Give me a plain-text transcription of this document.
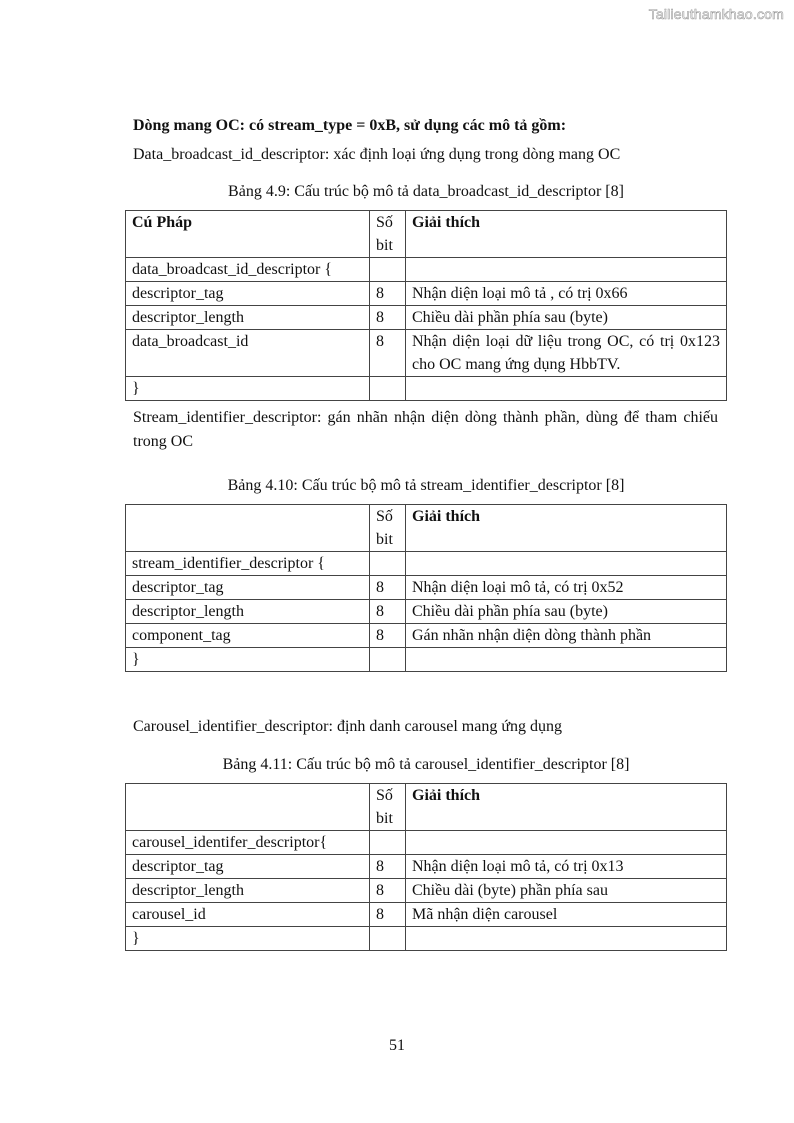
Tailieuthamkhao.com

Dòng mang OC: có stream_type = 0xB, sử dụng các mô tả gồm:

Data_broadcast_id_descriptor: xác định loại ứng dụng trong dòng mang OC

Bảng 4.9: Cấu trúc bộ mô tả data_broadcast_id_descriptor [8]
Cú Pháp	Số bit	Giải thích
data_broadcast_id_descriptor {		
descriptor_tag	8	Nhận diện loại mô tả , có trị 0x66
descriptor_length	8	Chiều dài phần phía sau (byte)
data_broadcast_id	8	Nhận diện loại dữ liệu trong OC, có trị 0x123 cho OC mang ứng dụng HbbTV.
}		

Stream_identifier_descriptor: gán nhãn nhận diện dòng thành phần, dùng để tham chiếu trong OC

Bảng 4.10: Cấu trúc bộ mô tả stream_identifier_descriptor [8]
	Số bit	Giải thích
stream_identifier_descriptor {		
descriptor_tag	8	Nhận diện loại mô tả, có trị 0x52
descriptor_length	8	Chiều dài phần phía sau (byte)
component_tag	8	Gán nhãn nhận diện dòng thành phần
}		

Carousel_identifier_descriptor: định danh carousel mang ứng dụng

Bảng 4.11: Cấu trúc bộ mô tả carousel_identifier_descriptor [8]
	Số bit	Giải thích
carousel_identifer_descriptor{		
descriptor_tag	8	Nhận diện loại mô tả, có trị 0x13
descriptor_length	8	Chiều dài (byte) phần phía sau
carousel_id	8	Mã nhận diện carousel
}		
51
